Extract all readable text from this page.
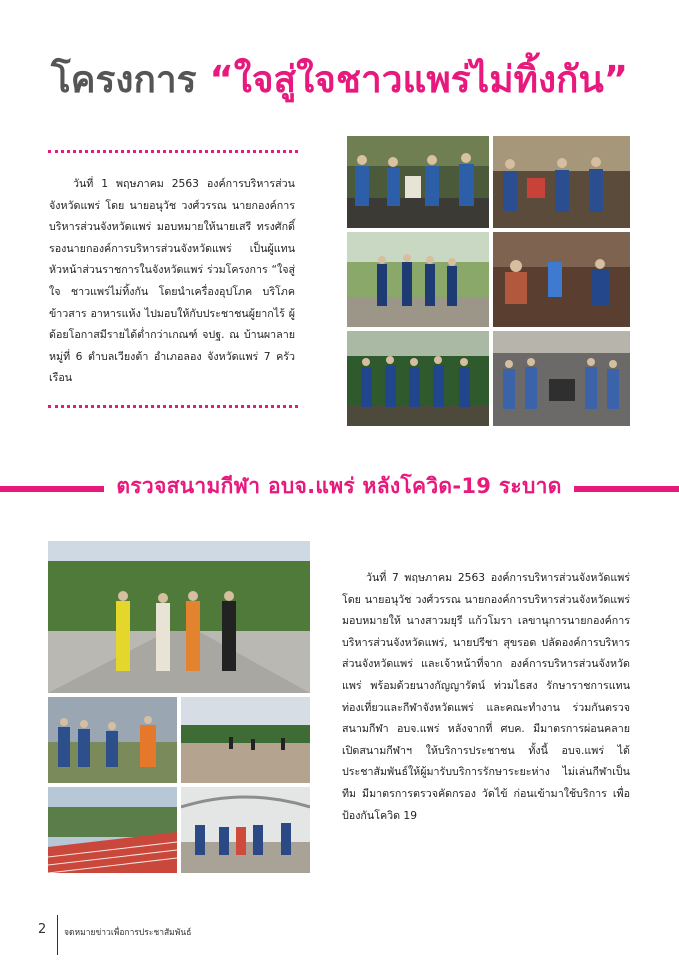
โครงการ “ใจสู่ใจชาวแพร่ไม่ทิ้งกัน”
วันที่ 1 พฤษภาคม 2563 องค์การบริหารส่วนจังหวัดแพร่ โดย นายอนุวัช วงศ์วรรณ นายกองค์การบริหารส่วนจังหวัดแพร่ มอบหมายให้นายเสรี ทรงศักดิ์ รองนายกองค์การบริหารส่วนจังหวัดแพร่ เป็นผู้แทนหัวหน้าส่วนราชการในจังหวัดแพร่ ร่วมโครงการ “ใจสู่ใจ ชาวแพร่ไม่ทิ้งกัน โดยนำเครื่องอุปโภค บริโภค ข้าวสาร อาหารแห้ง ไปมอบให้กับประชาชนผู้ยากไร้ ผู้ด้อยโอกาสมีรายได้ต่ำกว่าเกณฑ์ จปฐ. ณ บ้านผาลาย หมู่ที่ 6 ตำบลเวียงต้า อำเภอลอง จังหวัดแพร่ 7 ครัวเรือน
ตรวจสนามกีฬา อบจ.แพร่ หลังโควิด-19 ระบาด
วันที่ 7 พฤษภาคม 2563 องค์การบริหารส่วนจังหวัดแพร่ โดย นายอนุวัช วงศ์วรรณ นายกองค์การบริหารส่วนจังหวัดแพร่ มอบหมายให้ นางสาวมยุรี แก้วโมรา เลขานุการนายกองค์การบริหารส่วนจังหวัดแพร่, นายปรีชา สุขรอด ปลัดองค์การบริหารส่วนจังหวัดแพร่ และเจ้าหน้าที่จาก องค์การบริหารส่วนจังหวัดแพร่ พร้อมด้วยนางกัญญารัตน์ ท่วมไธสง รักษาราชการแทนท่องเที่ยวและกีฬาจังหวัดแพร่ และคณะทำงาน ร่วมกันตรวจสนามกีฬา อบจ.แพร่ หลังจากที่ ศบค. มีมาตรการผ่อนคลาย เปิดสนามกีฬาฯ ให้บริการประชาชน ทั้งนี้ อบจ.แพร่ ได้ประชาสัมพันธ์ให้ผู้มารับบริการรักษาระยะห่าง ไม่เล่นกีฬาเป็นทีม มีมาตรการตรวจคัดกรอง วัดไข้ ก่อนเข้ามาใช้บริการ เพื่อป้องกันโควิด 19
2 จดหมายข่าวเพื่อการประชาสัมพันธ์
